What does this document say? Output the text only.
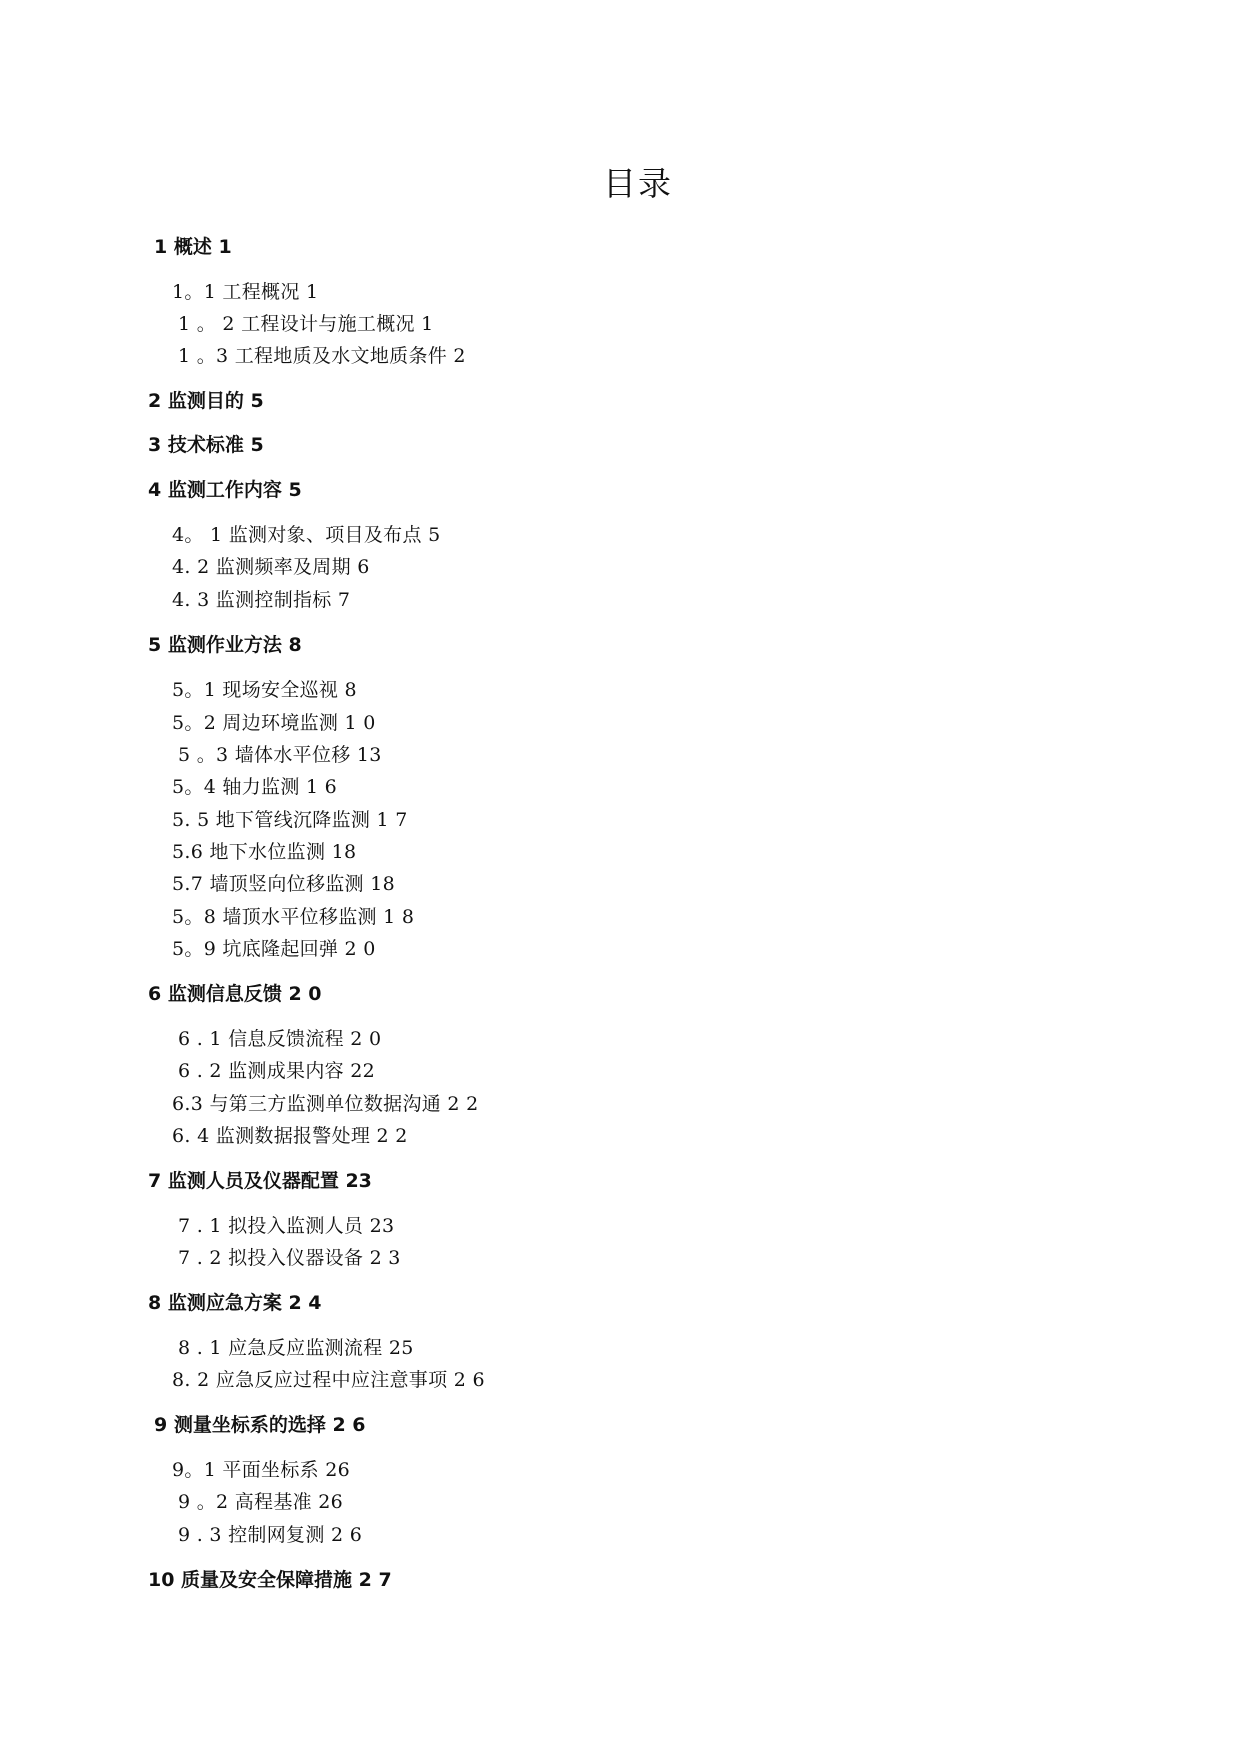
目录
1 概述 1
1。1 工程概况 1
1 。 2 工程设计与施工概况 1
1 。3 工程地质及水文地质条件 2
2 监测目的 5
3 技术标准 5
4 监测工作内容 5
4。 1 监测对象、项目及布点 5
4. 2 监测频率及周期 6
4. 3 监测控制指标 7
5 监测作业方法 8
5。1 现场安全巡视 8
5。2 周边环境监测 1 0
5 。3 墙体水平位移 13
5。4 轴力监测 1 6
5. 5 地下管线沉降监测 1 7
5.6 地下水位监测 18
5.7 墙顶竖向位移监测 18
5。8 墙顶水平位移监测 1 8
5。9 坑底隆起回弹 2 0
6 监测信息反馈 2 0
6 . 1 信息反馈流程 2 0
6 . 2 监测成果内容 22
6.3 与第三方监测单位数据沟通 2 2
6. 4 监测数据报警处理 2 2
7 监测人员及仪器配置 23
7 . 1 拟投入监测人员 23
7 . 2 拟投入仪器设备 2 3
8 监测应急方案 2 4
8 . 1 应急反应监测流程 25
8. 2 应急反应过程中应注意事项 2 6
9 测量坐标系的选择 2 6
9。1 平面坐标系 26
9 。2 高程基准 26
9 . 3 控制网复测 2 6
10 质量及安全保障措施 2 7
